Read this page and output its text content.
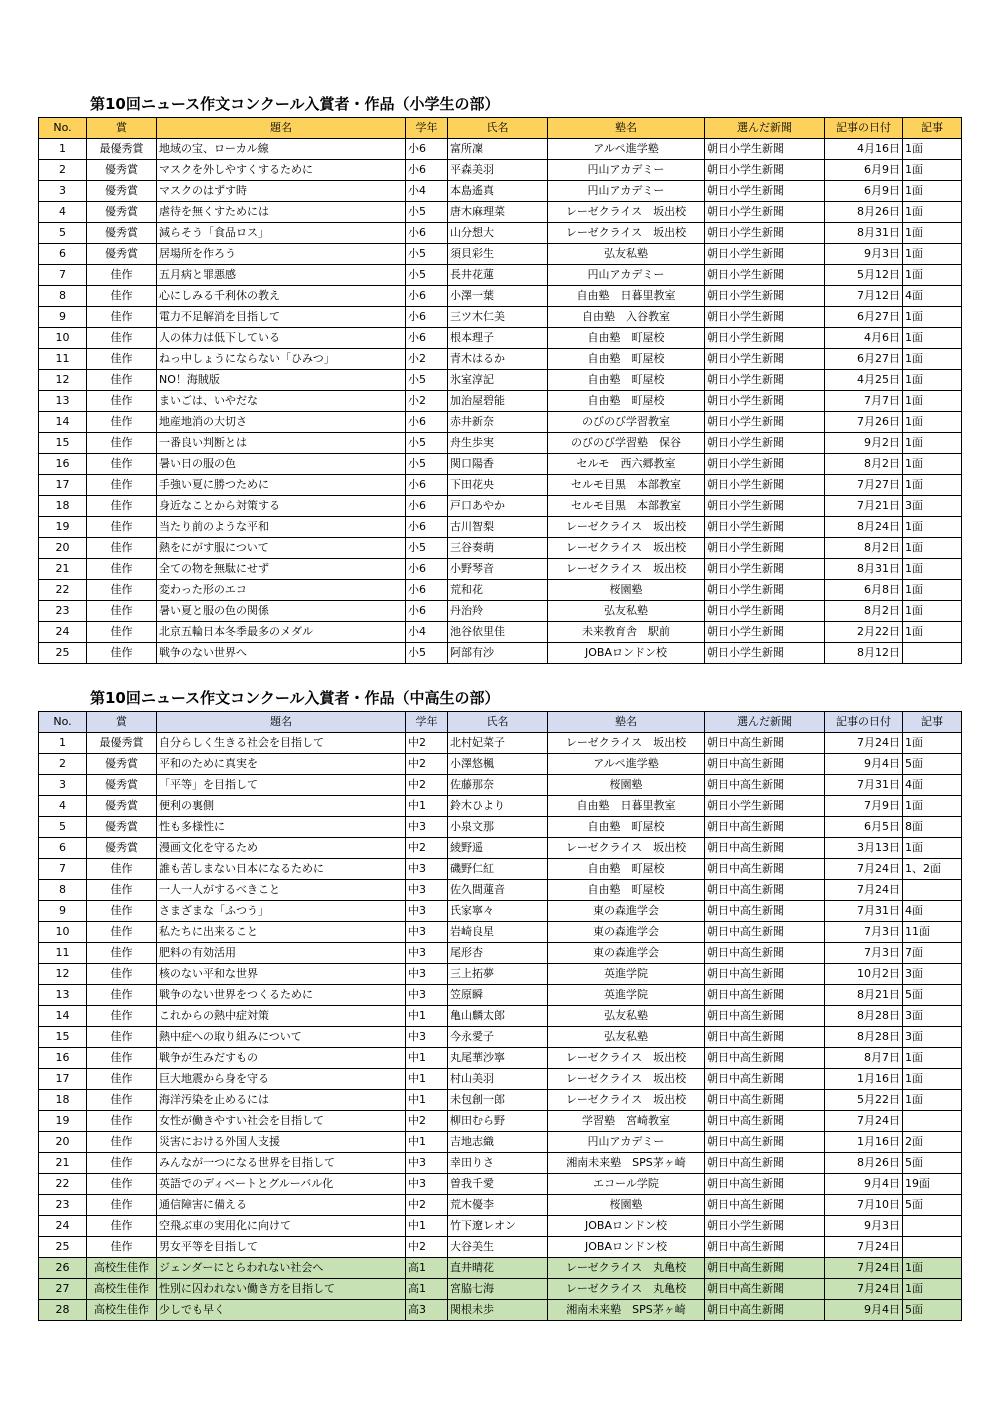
第10回ニュース作文コンクール入賞者・作品（小学生の部）
No.	賞	題名	学年	氏名	塾名	選んだ新聞	記事の日付	記事
1	最優秀賞	地域の宝、ローカル線	小6	富所凜	アルペ進学塾	朝日小学生新聞	4月16日	1面
2	優秀賞	マスクを外しやすくするために	小6	平森美羽	円山アカデミー	朝日小学生新聞	6月9日	1面
3	優秀賞	マスクのはずす時	小4	本島遙真	円山アカデミー	朝日小学生新聞	6月9日	1面
4	優秀賞	虐待を無くすためには	小5	唐木麻理菜	レーゼクライス　坂出校	朝日小学生新聞	8月26日	1面
5	優秀賞	減らそう「食品ロス」	小6	山分想大	レーゼクライス　坂出校	朝日小学生新聞	8月31日	1面
6	優秀賞	居場所を作ろう	小5	須貝彩生	弘友私塾	朝日小学生新聞	9月3日	1面
7	佳作	五月病と罪悪感	小5	長井花蓮	円山アカデミー	朝日小学生新聞	5月12日	1面
8	佳作	心にしみる千利休の教え	小6	小澤一葉	自由塾　日暮里教室	朝日小学生新聞	7月12日	4面
9	佳作	電力不足解消を目指して	小6	三ツ木仁美	自由塾　入谷教室	朝日小学生新聞	6月27日	1面
10	佳作	人の体力は低下している	小6	根本理子	自由塾　町屋校	朝日小学生新聞	4月6日	1面
11	佳作	ねっ中しょうにならない「ひみつ」	小2	青木はるか	自由塾　町屋校	朝日小学生新聞	6月27日	1面
12	佳作	NO！海賊版	小5	氷室淳記	自由塾　町屋校	朝日小学生新聞	4月25日	1面
13	佳作	まいごは、いやだな	小2	加治屋碧能	自由塾　町屋校	朝日小学生新聞	7月7日	1面
14	佳作	地産地消の大切さ	小6	赤井新奈	のびのび学習教室	朝日小学生新聞	7月26日	1面
15	佳作	一番良い判断とは	小5	舟生歩実	のびのび学習塾　保谷	朝日小学生新聞	9月2日	1面
16	佳作	暑い日の服の色	小5	関口陽香	セルモ　西六郷教室	朝日小学生新聞	8月2日	1面
17	佳作	手強い夏に勝つために	小6	下田花央	セルモ目黒　本部教室	朝日小学生新聞	7月27日	1面
18	佳作	身近なことから対策する	小6	戸口あやか	セルモ目黒　本部教室	朝日小学生新聞	7月21日	3面
19	佳作	当たり前のような平和	小6	古川智梨	レーゼクライス　坂出校	朝日小学生新聞	8月24日	1面
20	佳作	熱をにがす服について	小5	三谷奏萌	レーゼクライス　坂出校	朝日小学生新聞	8月2日	1面
21	佳作	全ての物を無駄にせず	小6	小野琴音	レーゼクライス　坂出校	朝日小学生新聞	8月31日	1面
22	佳作	変わった形のエコ	小6	荒和花	桜園塾	朝日小学生新聞	6月8日	1面
23	佳作	暑い夏と服の色の関係	小6	丹治羚	弘友私塾	朝日小学生新聞	8月2日	1面
24	佳作	北京五輪日本冬季最多のメダル	小4	池谷依里佳	未来教育舎　駅前	朝日小学生新聞	2月22日	1面
25	佳作	戦争のない世界へ	小5	阿部有沙	JOBAロンドン校	朝日小学生新聞	8月12日	
第10回ニュース作文コンクール入賞者・作品（中高生の部）
No.	賞	題名	学年	氏名	塾名	選んだ新聞	記事の日付	記事
1	最優秀賞	自分らしく生きる社会を目指して	中2	北村妃菜子	レーゼクライス　坂出校	朝日中高生新聞	7月24日	1面
2	優秀賞	平和のために真実を	中2	小澤悠楓	アルペ進学塾	朝日中高生新聞	9月4日	5面
3	優秀賞	「平等」を目指して	中2	佐藤那奈	桜園塾	朝日中高生新聞	7月31日	4面
4	優秀賞	便利の裏側	中1	鈴木ひより	自由塾　日暮里教室	朝日小学生新聞	7月9日	1面
5	優秀賞	性も多様性に	中3	小泉文那	自由塾　町屋校	朝日中高生新聞	6月5日	8面
6	優秀賞	漫画文化を守るため	中2	綾野遥	レーゼクライス　坂出校	朝日中高生新聞	3月13日	1面
7	佳作	誰も苦しまない日本になるために	中3	磯野仁紅	自由塾　町屋校	朝日中高生新聞	7月24日	1、2面
8	佳作	一人一人がするべきこと	中3	佐久間蓮音	自由塾　町屋校	朝日中高生新聞	7月24日	
9	佳作	さまざまな「ふつう」	中3	氏家寧々	東の森進学会	朝日中高生新聞	7月31日	4面
10	佳作	私たちに出来ること	中3	岩崎良星	東の森進学会	朝日中高生新聞	7月3日	11面
11	佳作	肥料の有効活用	中3	尾形杏	東の森進学会	朝日中高生新聞	7月3日	7面
12	佳作	核のない平和な世界	中3	三上拓夢	英進学院	朝日中高生新聞	10月2日	3面
13	佳作	戦争のない世界をつくるために	中3	笠原瞬	英進学院	朝日中高生新聞	8月21日	5面
14	佳作	これからの熱中症対策	中1	亀山麟太郎	弘友私塾	朝日中高生新聞	8月28日	3面
15	佳作	熱中症への取り組みについて	中3	今永愛子	弘友私塾	朝日中高生新聞	8月28日	3面
16	佳作	戦争が生みだすもの	中1	丸尾華沙寧	レーゼクライス　坂出校	朝日中高生新聞	8月7日	1面
17	佳作	巨大地震から身を守る	中1	村山美羽	レーゼクライス　坂出校	朝日中高生新聞	1月16日	1面
18	佳作	海洋汚染を止めるには	中1	未包創一郎	レーゼクライス　坂出校	朝日中高生新聞	5月22日	1面
19	佳作	女性が働きやすい社会を目指して	中2	柳田むら野	学習塾　宮崎教室	朝日中高生新聞	7月24日	
20	佳作	災害における外国人支援	中1	吉地志織	円山アカデミー	朝日中高生新聞	1月16日	2面
21	佳作	みんなが一つになる世界を目指して	中3	幸田りさ	湘南未来塾　SPS茅ヶ崎	朝日中高生新聞	8月26日	5面
22	佳作	英語でのディベートとグルーバル化	中3	曽我千愛	エコール学院	朝日中高生新聞	9月4日	19面
23	佳作	通信障害に備える	中2	荒木優李	桜園塾	朝日中高生新聞	7月10日	5面
24	佳作	空飛ぶ車の実用化に向けて	中1	竹下遼レオン	JOBAロンドン校	朝日小学生新聞	9月3日	
25	佳作	男女平等を目指して	中2	大谷美生	JOBAロンドン校	朝日中高生新聞	7月24日	
26	高校生佳作	ジェンダーにとらわれない社会へ	高1	直井晴花	レーゼクライス　丸亀校	朝日中高生新聞	7月24日	1面
27	高校生佳作	性別に囚われない働き方を目指して	高1	宮脇七海	レーゼクライス　丸亀校	朝日中高生新聞	7月24日	1面
28	高校生佳作	少しでも早く	高3	関根未歩	湘南未来塾　SPS茅ヶ崎	朝日中高生新聞	9月4日	5面
